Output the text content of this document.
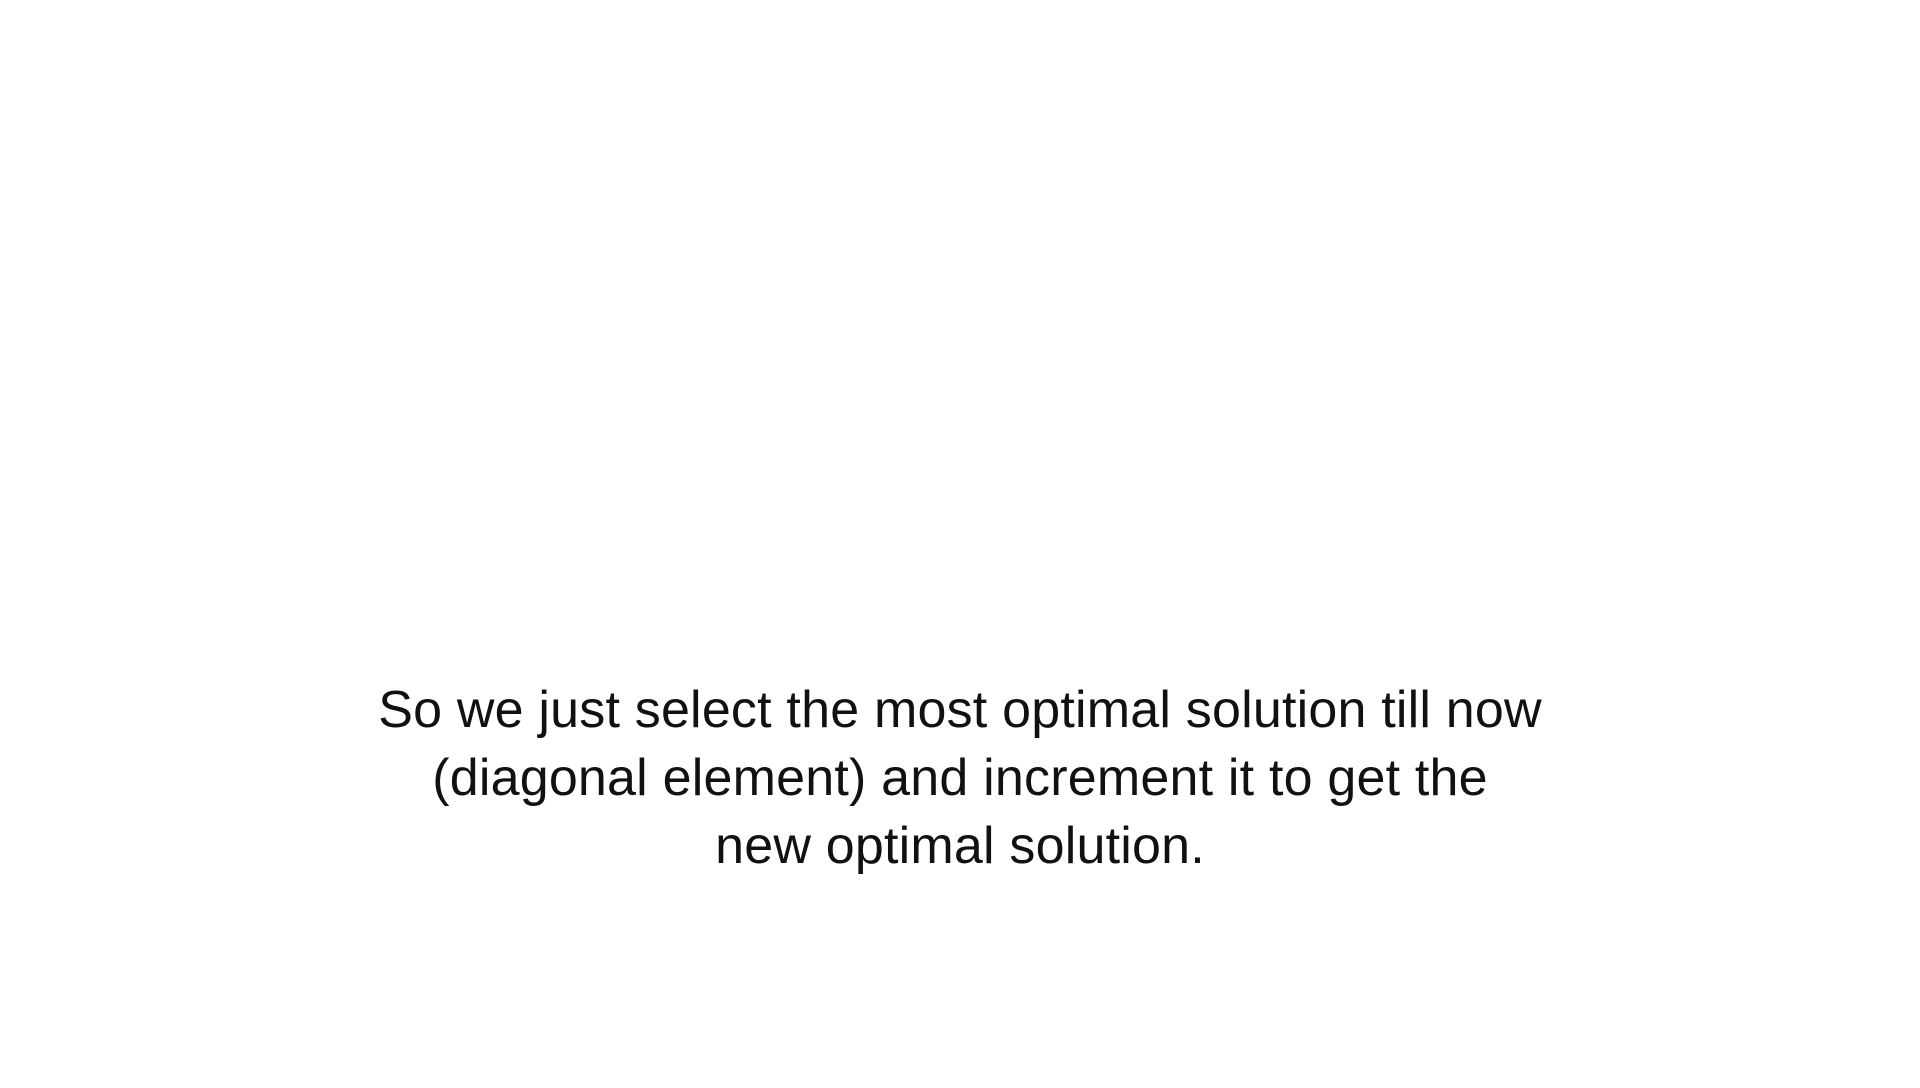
So we just select the most optimal solution till now
(diagonal element) and increment it to get the
new optimal solution.
